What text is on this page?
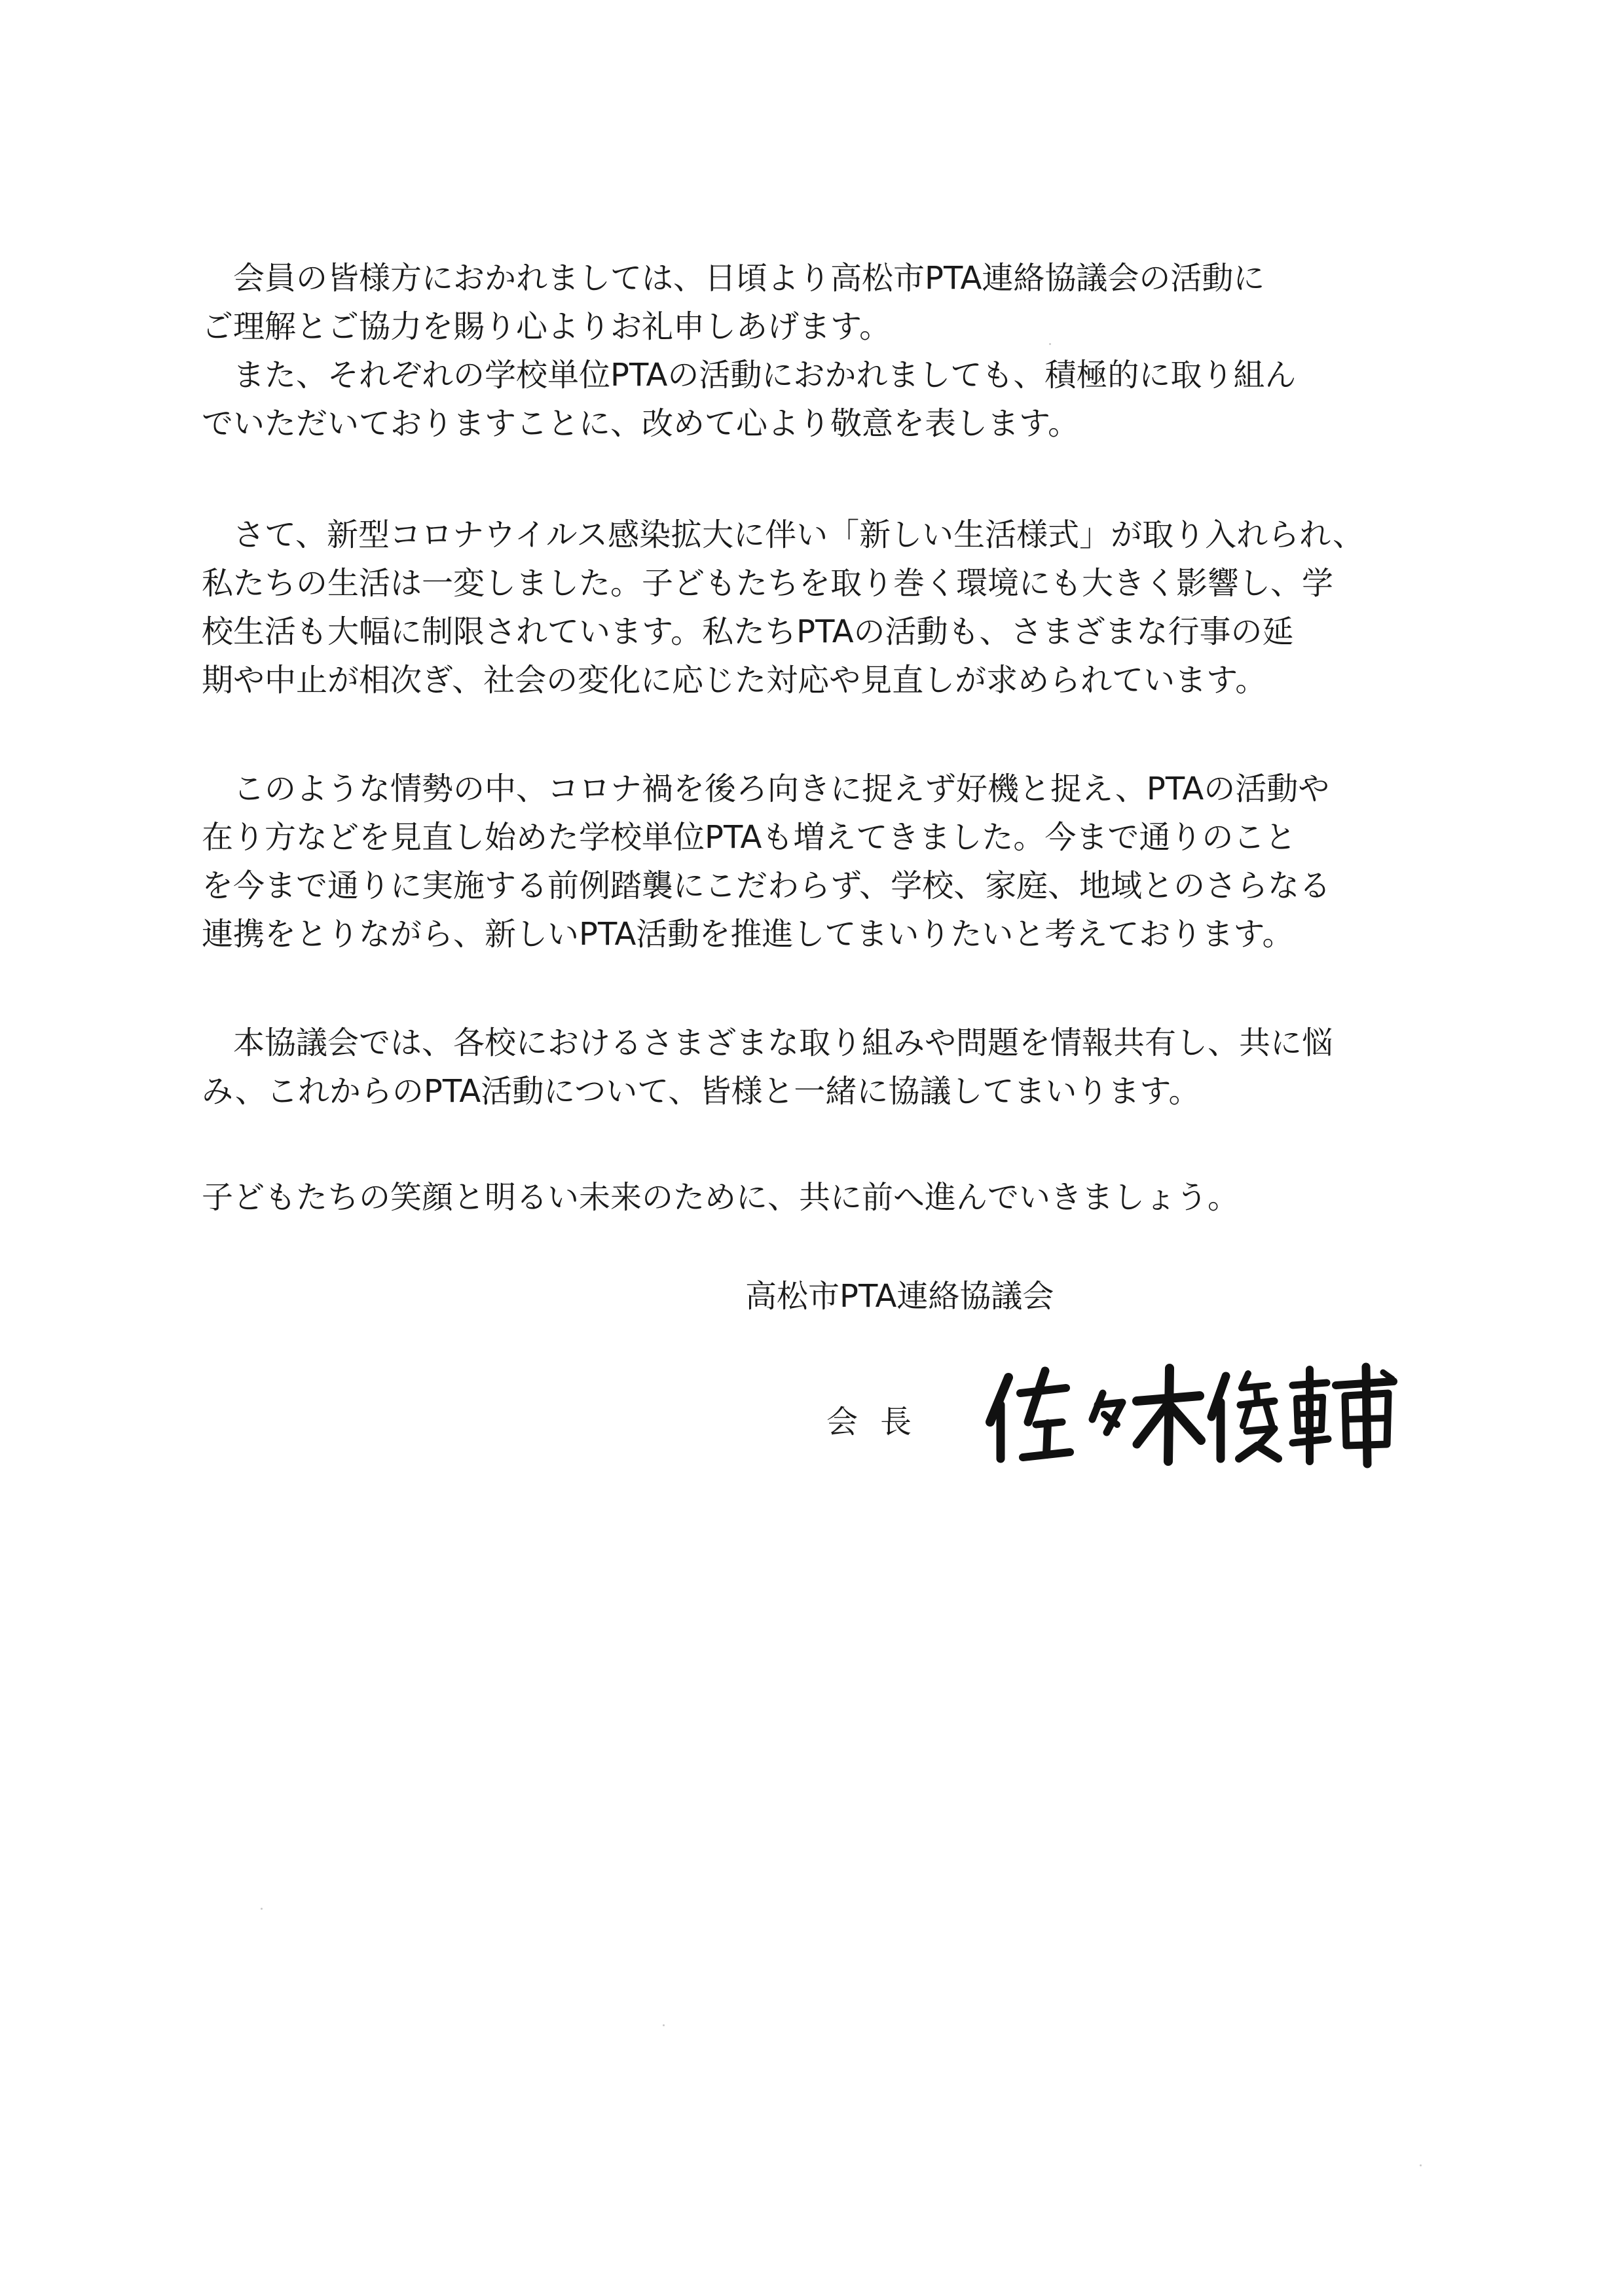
　会員の皆様方におかれましては、日頃より高松市PTA連絡協議会の活動に
ご理解とご協力を賜り心よりお礼申しあげます。
　また、それぞれの学校単位PTAの活動におかれましても、積極的に取り組ん
でいただいておりますことに、改めて心より敬意を表します。

　さて、新型コロナウイルス感染拡大に伴い「新しい生活様式」が取り入れられ、
私たちの生活は一変しました。子どもたちを取り巻く環境にも大きく影響し、学
校生活も大幅に制限されています。私たちPTAの活動も、さまざまな行事の延
期や中止が相次ぎ、社会の変化に応じた対応や見直しが求められています。

　このような情勢の中、コロナ禍を後ろ向きに捉えず好機と捉え、PTAの活動や
在り方などを見直し始めた学校単位PTAも増えてきました。今まで通りのこと
を今まで通りに実施する前例踏襲にこだわらず、学校、家庭、地域とのさらなる
連携をとりながら、新しいPTA活動を推進してまいりたいと考えております。

　本協議会では、各校におけるさまざまな取り組みや問題を情報共有し、共に悩
み、これからのPTA活動について、皆様と一緒に協議してまいります。

子どもたちの笑顔と明るい未来のために、共に前へ進んでいきましょう。

高松市PTA連絡協議会
会長
